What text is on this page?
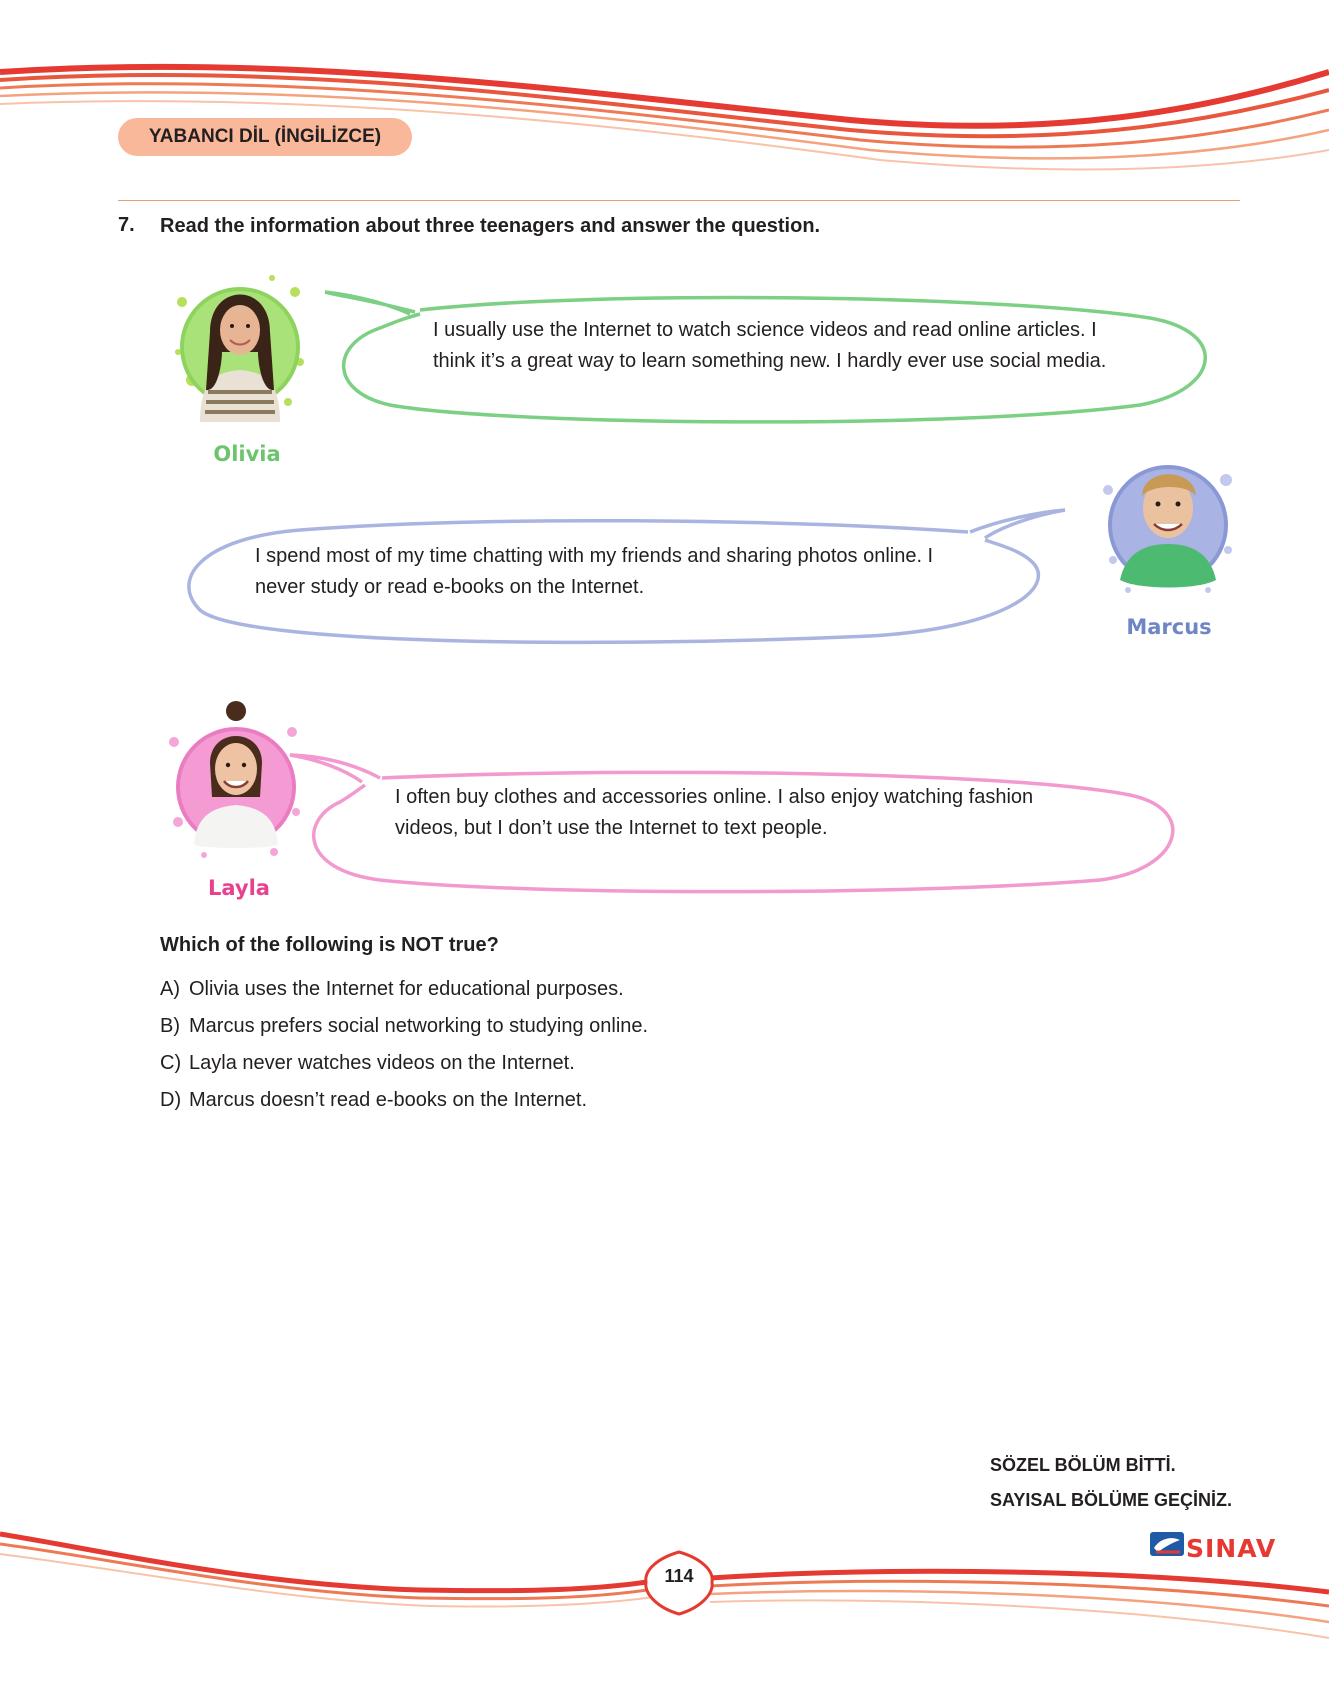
YABANCI DİL (İNGİLİZCE)
7. Read the information about three teenagers and answer the question.
I usually use the Internet to watch science videos and read online articles. I
think it’s a great way to learn something new. I hardly ever use social media.
Olivia
I spend most of my time chatting with my friends and sharing photos online. I
never study or read e-books on the Internet.
Marcus
I often buy clothes and accessories online. I also enjoy watching fashion
videos, but I don’t use the Internet to text people.
Layla
Which of the following is NOT true?
A) Olivia uses the Internet for educational purposes.
B) Marcus prefers social networking to studying online.
C) Layla never watches videos on the Internet.
D) Marcus doesn’t read e-books on the Internet.
SÖZEL BÖLÜM BİTTİ.
SAYISAL BÖLÜME GEÇİNİZ.
SINAV
114
